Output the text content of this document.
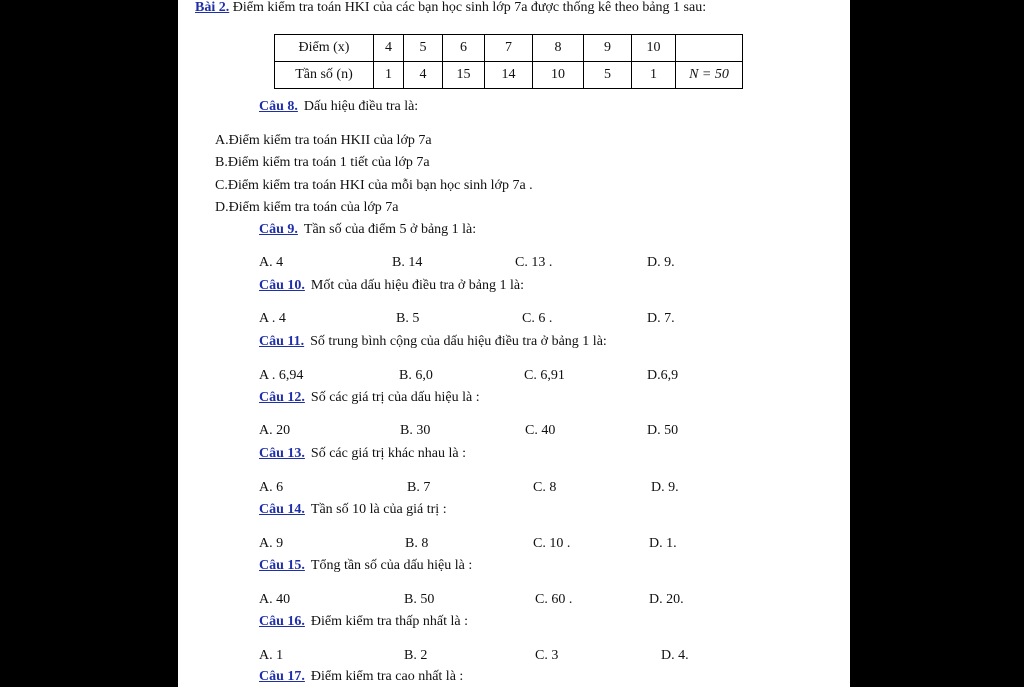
Bài 2. Điểm kiểm tra toán HKI của các bạn học sinh lớp 7a được thống kê theo bảng 1 sau:
Điểm (x)	4	5	6	7	8	9	10	
Tần số (n)	1	4	15	14	10	5	1	N = 50
Câu 8. Dấu hiệu điều tra là:
A.Điểm kiểm tra toán HKII của lớp 7a
B.Điểm kiểm tra toán 1 tiết của lớp 7a
C.Điểm kiểm tra toán HKI của mỗi bạn học sinh lớp 7a .
D.Điểm kiểm tra toán của lớp 7a
Câu 9. Tần số của điểm 5 ở bảng 1 là:
A. 4	B. 14	C. 13 .	D. 9.
Câu 10. Mốt của dấu hiệu điều tra ở bảng 1 là:
A . 4	B. 5	C. 6 .	D. 7.
Câu 11. Số trung bình cộng của dấu hiệu điều tra ở bảng 1 là:
A . 6,94	B. 6,0	C. 6,91	D.6,9
Câu 12. Số các giá trị của dấu hiệu là :
A. 20	B. 30	C. 40	D. 50
Câu 13. Số các giá trị khác nhau là :
A. 6	B. 7	C. 8	D. 9.
Câu 14. Tần số 10 là của giá trị :
A. 9	B. 8	C. 10 .	D. 1.
Câu 15. Tổng tần số của dấu hiệu là :
A. 40	B. 50	C. 60 .	D. 20.
Câu 16. Điểm kiểm tra thấp nhất là :
A. 1	B. 2	C. 3	D. 4.
Câu 17. Điểm kiểm tra cao nhất là :
